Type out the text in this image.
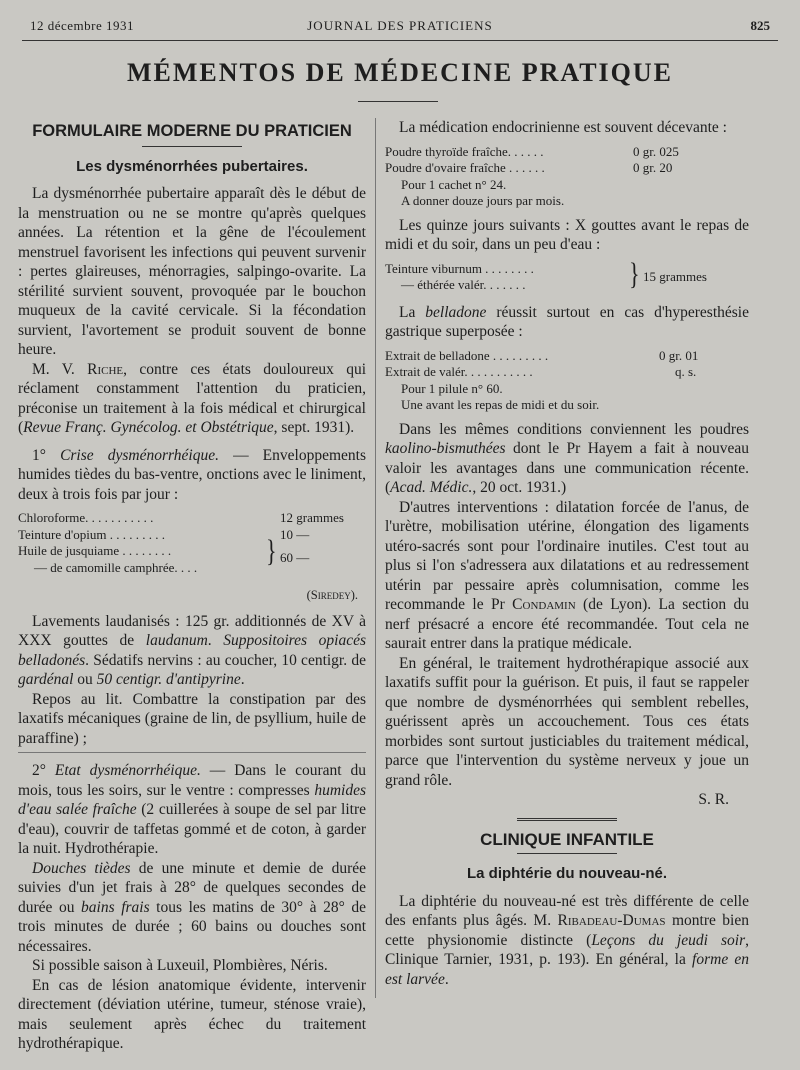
12 décembre 1931	JOURNAL DES PRATICIENS	825
MÉMENTOS DE MÉDECINE PRATIQUE
FORMULAIRE MODERNE DU PRATICIEN
Les dysménorrhées pubertaires.

La dysménorrhée pubertaire apparaît dès le début de la menstruation ou ne se montre qu'après quelques années. La rétention et la gêne de l'écoulement menstruel favorisent les infections qui peuvent survenir : pertes glaireuses, ménorragies, salpingo-ovarite. La stérilité survient souvent, provoquée par le bouchon muqueux de la cavité cervicale. Si la fécondation survient, l'avortement se produit souvent de bonne heure.

M. V. Riche, contre ces états douloureux qui réclament constamment l'attention du praticien, préconise un traitement à la fois médical et chirurgical (Revue Franç. Gynécolog. et Obstétrique, sept. 1931).

1° Crise dysménorrhéique. — Enveloppements humides tièdes du bas-ventre, onctions avec le liniment, deux à trois fois par jour :

Chloroforme. . . . . . . . . . .	12 grammes
Teinture d'opium . . . . . . . . .	10 —
Huile de jusquiame . . . . . . . .
— de camomille camphrée. . . .	} 60 —
(Siredey).

Lavements laudanisés : 125 gr. additionnés de XV à XXX gouttes de laudanum. Suppositoires opiacés belladonés. Sédatifs nervins : au coucher, 10 centigr. de gardénal ou 50 centigr. d'antipyrine.

Repos au lit. Combattre la constipation par des laxatifs mécaniques (graine de lin, de psyllium, huile de paraffine) ;

2° Etat dysménorrhéique. — Dans le courant du mois, tous les soirs, sur le ventre : compresses humides d'eau salée fraîche (2 cuillerées à soupe de sel par litre d'eau), couvrir de taffetas gommé et de coton, à garder la nuit. Hydrothérapie.

Douches tièdes de une minute et demie de durée suivies d'un jet frais à 28° de quelques secondes de durée ou bains frais tous les matins de 30° à 28° de trois minutes de durée ; 60 bains ou douches sont nécessaires.

Si possible saison à Luxeuil, Plombières, Néris.

En cas de lésion anatomique évidente, intervenir directement (déviation utérine, tumeur, sténose vraie), mais seulement après échec du traitement hydrothérapique.

La médication endocrinienne est souvent décevante :

Poudre thyroïde fraîche. . . . . .	0 gr. 025
Poudre d'ovaire fraîche . . . . . .	0 gr. 20
Pour 1 cachet n° 24.
A donner douze jours par mois.

Les quinze jours suivants : X gouttes avant le repas de midi et du soir, dans un peu d'eau :

Teinture viburnum . . . . . . . .
— éthérée valér. . . . . . .	} 15 grammes

La belladone réussit surtout en cas d'hyperesthésie gastrique superposée :

Extrait de belladone . . . . . . . . .	0 gr. 01
Extrait de valér. . . . . . . . . . .	q. s.
Pour 1 pilule n° 60.
Une avant les repas de midi et du soir.

Dans les mêmes conditions conviennent les poudres kaolino-bismuthées dont le Pr Hayem a fait à nouveau valoir les avantages dans une communication récente. (Acad. Médic., 20 oct. 1931.)

D'autres interventions : dilatation forcée de l'anus, de l'urètre, mobilisation utérine, élongation des ligaments utéro-sacrés sont pour l'ordinaire inutiles. C'est tout au plus si l'on s'adressera aux dilatations et au redressement utérin par pessaire après columnisation, comme les recommande le Pr Condamin (de Lyon). La section du nerf présacré a encore été recommandée. Tout cela ne saurait entrer dans la pratique médicale.

En général, le traitement hydrothérapique associé aux laxatifs suffit pour la guérison. Et puis, il faut se rappeler que nombre de dysménorrhées qui semblent rebelles, guérissent après un accouchement. Tous ces états morbides sont surtout justiciables du traitement médical, parce que l'intervention du système nerveux y joue un grand rôle.

S. R.
CLINIQUE INFANTILE
La diphtérie du nouveau-né.

La diphtérie du nouveau-né est très différente de celle des enfants plus âgés. M. Ribadeau-Dumas montre bien cette physionomie distincte (Leçons du jeudi soir, Clinique Tarnier, 1931, p. 193). En général, la forme en est larvée.
